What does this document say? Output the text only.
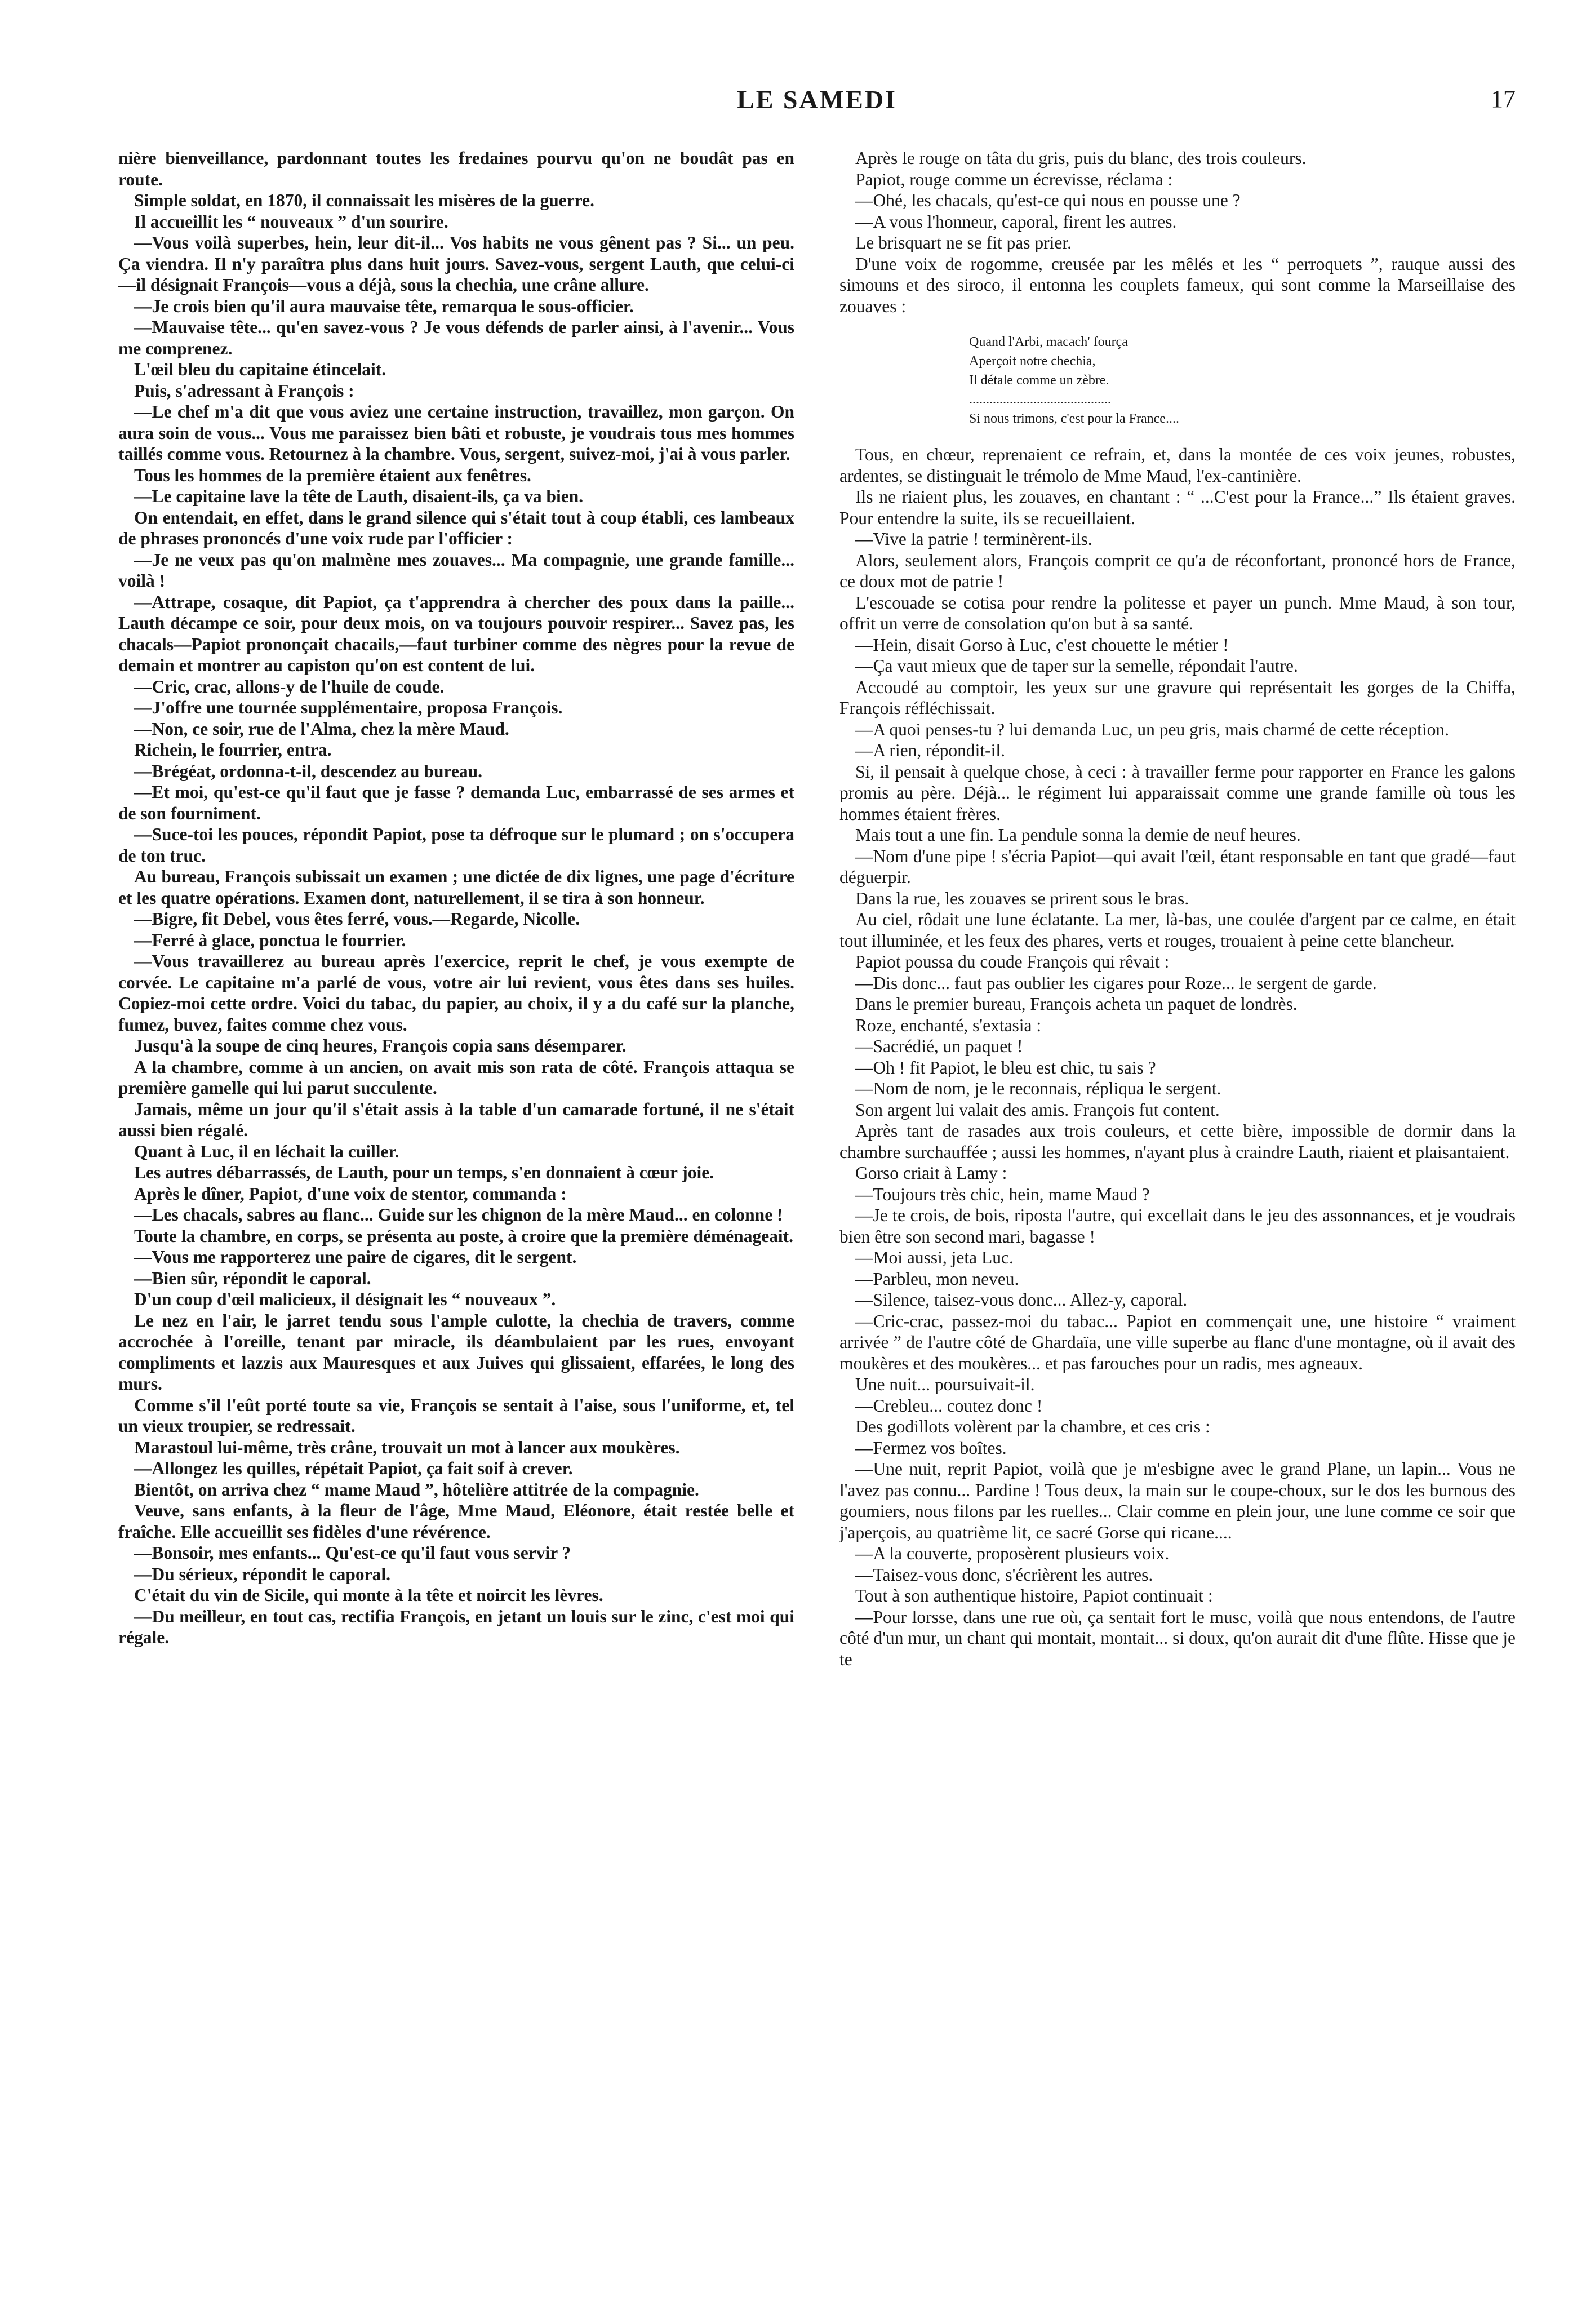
LE SAMEDI	17

nière bienveillance, pardonnant toutes les fredaines pourvu qu'on ne boudât pas en route.

Simple soldat, en 1870, il connaissait les misères de la guerre.

Il accueillit les “ nouveaux ” d'un sourire.

—Vous voilà superbes, hein, leur dit-il... Vos habits ne vous gênent pas ? Si... un peu. Ça viendra. Il n'y paraîtra plus dans huit jours. Savez-vous, sergent Lauth, que celui-ci —il désignait François—vous a déjà, sous la chechia, une crâne allure.

—Je crois bien qu'il aura mauvaise tête, remarqua le sous-officier.

—Mauvaise tête... qu'en savez-vous ? Je vous défends de parler ainsi, à l'avenir... Vous me comprenez.

L'œil bleu du capitaine étincelait.

Puis, s'adressant à François :

—Le chef m'a dit que vous aviez une certaine instruction, travaillez, mon garçon. On aura soin de vous... Vous me paraissez bien bâti et robuste, je voudrais tous mes hommes taillés comme vous. Retournez à la chambre. Vous, sergent, suivez-moi, j'ai à vous parler.

Tous les hommes de la première étaient aux fenêtres.

—Le capitaine lave la tête de Lauth, disaient-ils, ça va bien.

On entendait, en effet, dans le grand silence qui s'était tout à coup établi, ces lambeaux de phrases prononcés d'une voix rude par l'officier :

—Je ne veux pas qu'on malmène mes zouaves... Ma compagnie, une grande famille... voilà !

—Attrape, cosaque, dit Papiot, ça t'apprendra à chercher des poux dans la paille... Lauth décampe ce soir, pour deux mois, on va toujours pouvoir respirer... Savez pas, les chacals—Papiot prononçait chacails,—faut turbiner comme des nègres pour la revue de demain et montrer au capiston qu'on est content de lui.

—Cric, crac, allons-y de l'huile de coude.

—J'offre une tournée supplémentaire, proposa François.

—Non, ce soir, rue de l'Alma, chez la mère Maud.

Richein, le fourrier, entra.

—Brégéat, ordonna-t-il, descendez au bureau.

—Et moi, qu'est-ce qu'il faut que je fasse ? demanda Luc, embarrassé de ses armes et de son fourniment.

—Suce-toi les pouces, répondit Papiot, pose ta défroque sur le plumard ; on s'occupera de ton truc.

Au bureau, François subissait un examen ; une dictée de dix lignes, une page d'écriture et les quatre opérations. Examen dont, naturellement, il se tira à son honneur.

—Bigre, fit Debel, vous êtes ferré, vous.—Regarde, Nicolle.

—Ferré à glace, ponctua le fourrier.

—Vous travaillerez au bureau après l'exercice, reprit le chef, je vous exempte de corvée. Le capitaine m'a parlé de vous, votre air lui revient, vous êtes dans ses huiles. Copiez-moi cette ordre. Voici du tabac, du papier, au choix, il y a du café sur la planche, fumez, buvez, faites comme chez vous.

Jusqu'à la soupe de cinq heures, François copia sans désemparer.

A la chambre, comme à un ancien, on avait mis son rata de côté. François attaqua se première gamelle qui lui parut succulente.

Jamais, même un jour qu'il s'était assis à la table d'un camarade fortuné, il ne s'était aussi bien régalé.

Quant à Luc, il en léchait la cuiller.

Les autres débarrassés, de Lauth, pour un temps, s'en donnaient à cœur joie.

Après le dîner, Papiot, d'une voix de stentor, commanda :

—Les chacals, sabres au flanc... Guide sur les chignon de la mère Maud... en colonne !

Toute la chambre, en corps, se présenta au poste, à croire que la première déménageait.

—Vous me rapporterez une paire de cigares, dit le sergent.

—Bien sûr, répondit le caporal.

D'un coup d'œil malicieux, il désignait les “ nouveaux ”.

Le nez en l'air, le jarret tendu sous l'ample culotte, la chechia de travers, comme accrochée à l'oreille, tenant par miracle, ils déambulaient par les rues, envoyant compliments et lazzis aux Mauresques et aux Juives qui glissaient, effarées, le long des murs.

Comme s'il l'eût porté toute sa vie, François se sentait à l'aise, sous l'uniforme, et, tel un vieux troupier, se redressait.

Marastoul lui-même, très crâne, trouvait un mot à lancer aux moukères.

—Allongez les quilles, répétait Papiot, ça fait soif à crever.

Bientôt, on arriva chez “ mame Maud ”, hôtelière attitrée de la compagnie.

Veuve, sans enfants, à la fleur de l'âge, Mme Maud, Eléonore, était restée belle et fraîche. Elle accueillit ses fidèles d'une révérence.

—Bonsoir, mes enfants... Qu'est-ce qu'il faut vous servir ?

—Du sérieux, répondit le caporal.

C'était du vin de Sicile, qui monte à la tête et noircit les lèvres.

—Du meilleur, en tout cas, rectifia François, en jetant un louis sur le zinc, c'est moi qui régale.

Après le rouge on tâta du gris, puis du blanc, des trois couleurs.

Papiot, rouge comme un écrevisse, réclama :

—Ohé, les chacals, qu'est-ce qui nous en pousse une ?

—A vous l'honneur, caporal, firent les autres.

Le brisquart ne se fit pas prier.

D'une voix de rogomme, creusée par les mêlés et les “ perroquets ”, rauque aussi des simouns et des siroco, il entonna les couplets fameux, qui sont comme la Marseillaise des zouaves :

Quand l'Arbi, macach' fourça
Aperçoit notre chechia,
Il détale comme un zèbre.
..........................................
Si nous trimons, c'est pour la France....

Tous, en chœur, reprenaient ce refrain, et, dans la montée de ces voix jeunes, robustes, ardentes, se distinguait le trémolo de Mme Maud, l'ex-cantinière.

Ils ne riaient plus, les zouaves, en chantant : “ ...C'est pour la France...” Ils étaient graves. Pour entendre la suite, ils se recueillaient.

—Vive la patrie ! terminèrent-ils.

Alors, seulement alors, François comprit ce qu'a de réconfortant, prononcé hors de France, ce doux mot de patrie !

L'escouade se cotisa pour rendre la politesse et payer un punch. Mme Maud, à son tour, offrit un verre de consolation qu'on but à sa santé.

—Hein, disait Gorso à Luc, c'est chouette le métier !

—Ça vaut mieux que de taper sur la semelle, répondait l'autre.

Accoudé au comptoir, les yeux sur une gravure qui représentait les gorges de la Chiffa, François réfléchissait.

—A quoi penses-tu ? lui demanda Luc, un peu gris, mais charmé de cette réception.

—A rien, répondit-il.

Si, il pensait à quelque chose, à ceci : à travailler ferme pour rapporter en France les galons promis au père. Déjà... le régiment lui apparaissait comme une grande famille où tous les hommes étaient frères.

Mais tout a une fin. La pendule sonna la demie de neuf heures.

—Nom d'une pipe ! s'écria Papiot—qui avait l'œil, étant responsable en tant que gradé—faut déguerpir.

Dans la rue, les zouaves se prirent sous le bras.

Au ciel, rôdait une lune éclatante. La mer, là-bas, une coulée d'argent par ce calme, en était tout illuminée, et les feux des phares, verts et rouges, trouaient à peine cette blancheur.

Papiot poussa du coude François qui rêvait :

—Dis donc... faut pas oublier les cigares pour Roze... le sergent de garde.

Dans le premier bureau, François acheta un paquet de londrès.

Roze, enchanté, s'extasia :

—Sacrédié, un paquet !

—Oh ! fit Papiot, le bleu est chic, tu sais ?

—Nom de nom, je le reconnais, répliqua le sergent.

Son argent lui valait des amis. François fut content.

Après tant de rasades aux trois couleurs, et cette bière, impossible de dormir dans la chambre surchauffée ; aussi les hommes, n'ayant plus à craindre Lauth, riaient et plaisantaient.

Gorso criait à Lamy :

—Toujours très chic, hein, mame Maud ?

—Je te crois, de bois, riposta l'autre, qui excellait dans le jeu des assonnances, et je voudrais bien être son second mari, bagasse !

—Moi aussi, jeta Luc.

—Parbleu, mon neveu.

—Silence, taisez-vous donc... Allez-y, caporal.

—Cric-crac, passez-moi du tabac... Papiot en commençait une, une histoire “ vraiment arrivée ” de l'autre côté de Ghardaïa, une ville superbe au flanc d'une montagne, où il avait des moukères et des moukères... et pas farouches pour un radis, mes agneaux.

Une nuit... poursuivait-il.

—Crebleu... coutez donc !

Des godillots volèrent par la chambre, et ces cris :

—Fermez vos boîtes.

—Une nuit, reprit Papiot, voilà que je m'esbigne avec le grand Plane, un lapin... Vous ne l'avez pas connu... Pardine ! Tous deux, la main sur le coupe-choux, sur le dos les burnous des goumiers, nous filons par les ruelles... Clair comme en plein jour, une lune comme ce soir que j'aperçois, au quatrième lit, ce sacré Gorse qui ricane....

—A la couverte, proposèrent plusieurs voix.

—Taisez-vous donc, s'écrièrent les autres.

Tout à son authentique histoire, Papiot continuait :

—Pour lorsse, dans une rue où, ça sentait fort le musc, voilà que nous entendons, de l'autre côté d'un mur, un chant qui montait, montait... si doux, qu'on aurait dit d'une flûte. Hisse que je te
